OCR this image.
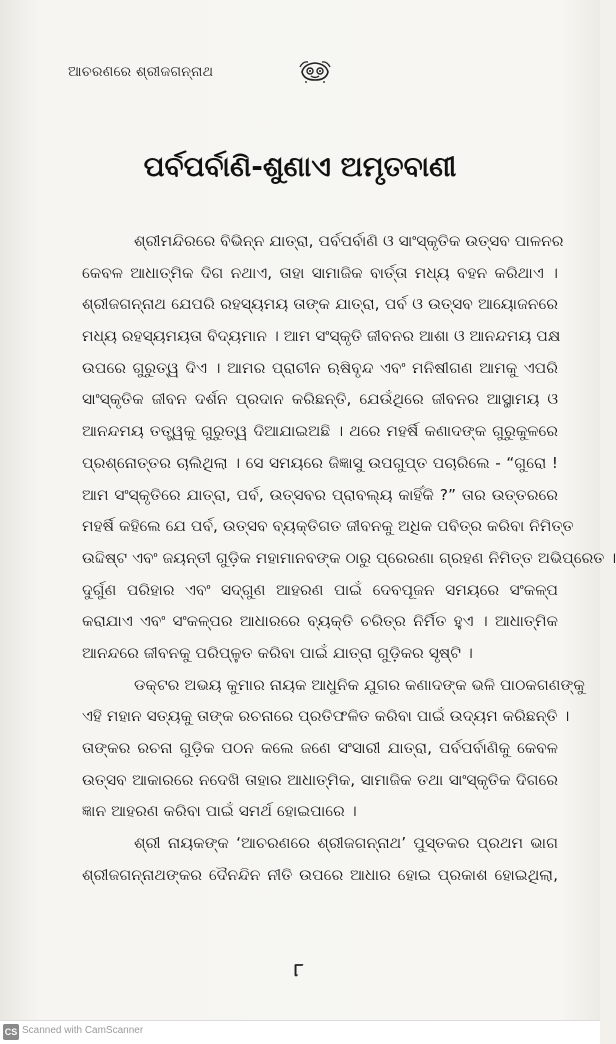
ଆଚରଣରେ ଶ୍ରୀଜଗନ୍ନାଥ
ପର୍ବପର୍ବାଣି-ଶୁଣାଏ ଅମୃତବାଣୀ
ଶ୍ରୀମନ୍ଦିରରେ ବିଭିନ୍ନ ଯାତ୍ରା, ପର୍ବପର୍ବାଣି ଓ ସାଂସ୍କୃତିକ ଉତ୍ସବ ପାଳନର
କେବଳ ଆଧାତ୍ମିକ ଦିଗ ନଥାଏ, ତାହା ସାମାଜିକ ବାର୍ତ୍ତା ମଧ୍ୟ ବହନ କରିଥାଏ ।
ଶ୍ରୀଜଗନ୍ନାଥ ଯେପରି ରହସ୍ୟମୟ ତାଙ୍କ ଯାତ୍ରା, ପର୍ବ ଓ ଉତ୍ସବ ଆୟୋଜନରେ
ମଧ୍ୟ ରହସ୍ୟମୟତା ବିଦ୍ୟମାନ । ଆମ ସଂସ୍କୃତି ଜୀବନର ଆଶା ଓ ଆନନ୍ଦମୟ ପକ୍ଷ
ଉପରେ ଗୁରୁତ୍ୱ ଦିଏ । ଆମର ପ୍ରାଚୀନ ଋଷିବୃନ୍ଦ ଏବଂ ମନିଷୀଗଣ ଆମକୁ ଏପରି
ସାଂସ୍କୃତିକ ଜୀବନ ଦର୍ଶନ ପ୍ରଦାନ କରିଛନ୍ତି, ଯେଉଁଥିରେ ଜୀବନର ଆସ୍ଥାମୟ ଓ
ଆନନ୍ଦମୟ ତତ୍ତ୍ୱକୁ ଗୁରୁତ୍ୱ ଦିଆଯାଇଅଛି । ଥରେ ମହର୍ଷି କଣାଦଙ୍କ ଗୁରୁକୁଳରେ
ପ୍ରଶ୍ନୋତ୍ତର ଚାଲିଥିଲା । ସେ ସମୟରେ ଜିଜ୍ଞାସୁ ଉପଗୁପ୍ତ ପଚାରିଲେ - “ଗୁରୋ !
ଆମ ସଂସ୍କୃତିରେ ଯାତ୍ରା, ପର୍ବ, ଉତ୍ସବର ପ୍ରାବଲ୍ୟ କାହିଁକି ?” ତାର ଉତ୍ତରରେ
ମହର୍ଷି କହିଲେ ଯେ ପର୍ବ, ଉତ୍ସବ ବ୍ୟକ୍ତିଗତ ଜୀବନକୁ ଅଧିକ ପବିତ୍ର କରିବା ନିମିତ୍ତ
ଉଦ୍ଦିଷ୍ଟ ଏବଂ ଜୟନ୍ତୀ ଗୁଡ଼ିକ ମହାମାନବଙ୍କ ଠାରୁ ପ୍ରେରଣା ଗ୍ରହଣ ନିମିତ୍ତ ଅଭିପ୍ରେତ ।
ଦୁର୍ଗୁଣ ପରିହାର ଏବଂ ସଦ୍‌ଗୁଣ ଆହରଣ ପାଇଁ ଦେବପୂଜନ ସମୟରେ ସଂକଳ୍ପ
କରାଯାଏ ଏବଂ ସଂକଳ୍ପର ଆଧାରରେ ବ୍ୟକ୍ତି ଚରିତ୍ର ନିର୍ମିତ ହୁଏ । ଆଧାତ୍ମିକ
ଆନନ୍ଦରେ ଜୀବନକୁ ପରିପ୍ଳୁତ କରିବା ପାଇଁ ଯାତ୍ରା ଗୁଡ଼ିକର ସୃଷ୍ଟି ।
ଡକ୍ଟର ଅଭୟ କୁମାର ନାୟକ ଆଧୁନିକ ଯୁଗର କଣାଦଙ୍କ ଭଳି ପାଠକଗଣଙ୍କୁ
ଏହି ମହାନ ସତ୍ୟକୁ ତାଙ୍କ ରଚନାରେ ପ୍ରତିଫଳିତ କରିବା ପାଇଁ ଉଦ୍ୟମ କରିଛନ୍ତି ।
ତାଙ୍କର ରଚନା ଗୁଡ଼ିକ ପଠନ କଲେ ଜଣେ ସଂସାରୀ ଯାତ୍ରା, ପର୍ବପର୍ବାଣିକୁ କେବଳ
ଉତ୍ସବ ଆକାରରେ ନଦେଖି ତାହାର ଆଧାତ୍ମିକ, ସାମାଜିକ ତଥା ସାଂସ୍କୃତିକ ଦିଗରେ
ଜ୍ଞାନ ଆହରଣ କରିବା ପାଇଁ ସମର୍ଥ ହୋଇପାରେ ।
ଶ୍ରୀ ନାୟକଙ୍କ ‘ଆଚରଣରେ ଶ୍ରୀଜଗନ୍ନାଥ’ ପୁସ୍ତକର ପ୍ରଥମ ଭାଗ
ଶ୍ରୀଜଗନ୍ନାଥଙ୍କର ଦୈନନ୍ଦିନ ନୀତି ଉପରେ ଆଧାର ହୋଇ ପ୍ରକାଶ ହୋଇଥିଲା,
୮
CS Scanned with CamScanner
